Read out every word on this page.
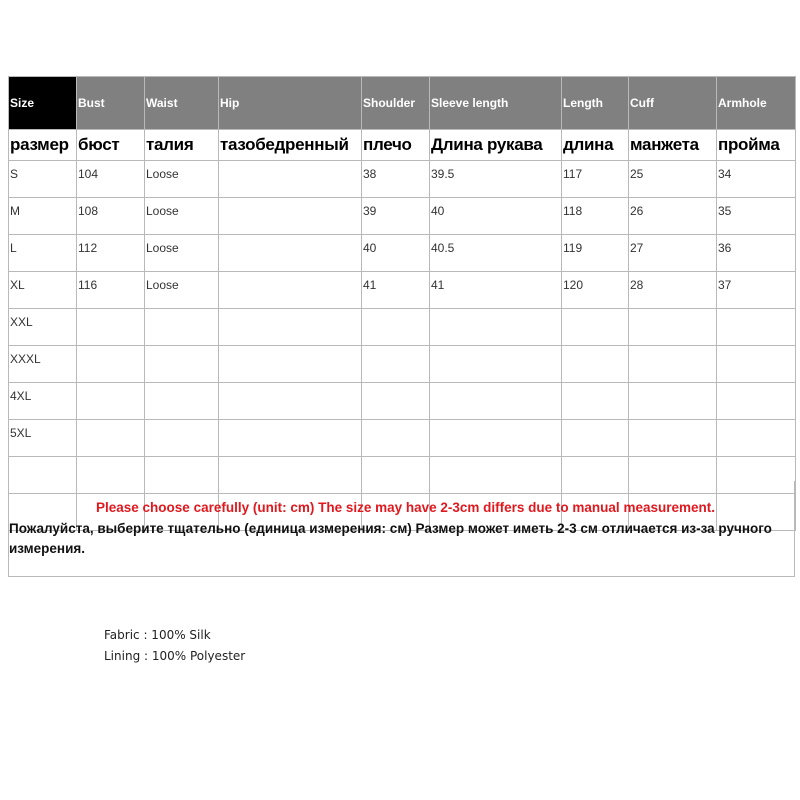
Size	Bust	Waist	Hip	Shoulder	Sleeve length	Length	Cuff	Armhole
размер	бюст	талия	тазобедренный	плечо	Длина рукава	длина	манжета	пройма
S	104	Loose		38	39.5	117	25	34
M	108	Loose		39	40	118	26	35
L	112	Loose		40	40.5	119	27	36
XL	116	Loose		41	41	120	28	37
XXL								
XXXL								
4XL								
5XL								

Please choose carefully (unit: cm) The size may have 2-3cm differs due to manual measurement.
Пожалуйста, выберите тщательно (единица измерения: см) Размер может иметь 2-3 см отличается из-за ручного измерения.
Fabric : 100% Silk
Lining : 100% Polyester
